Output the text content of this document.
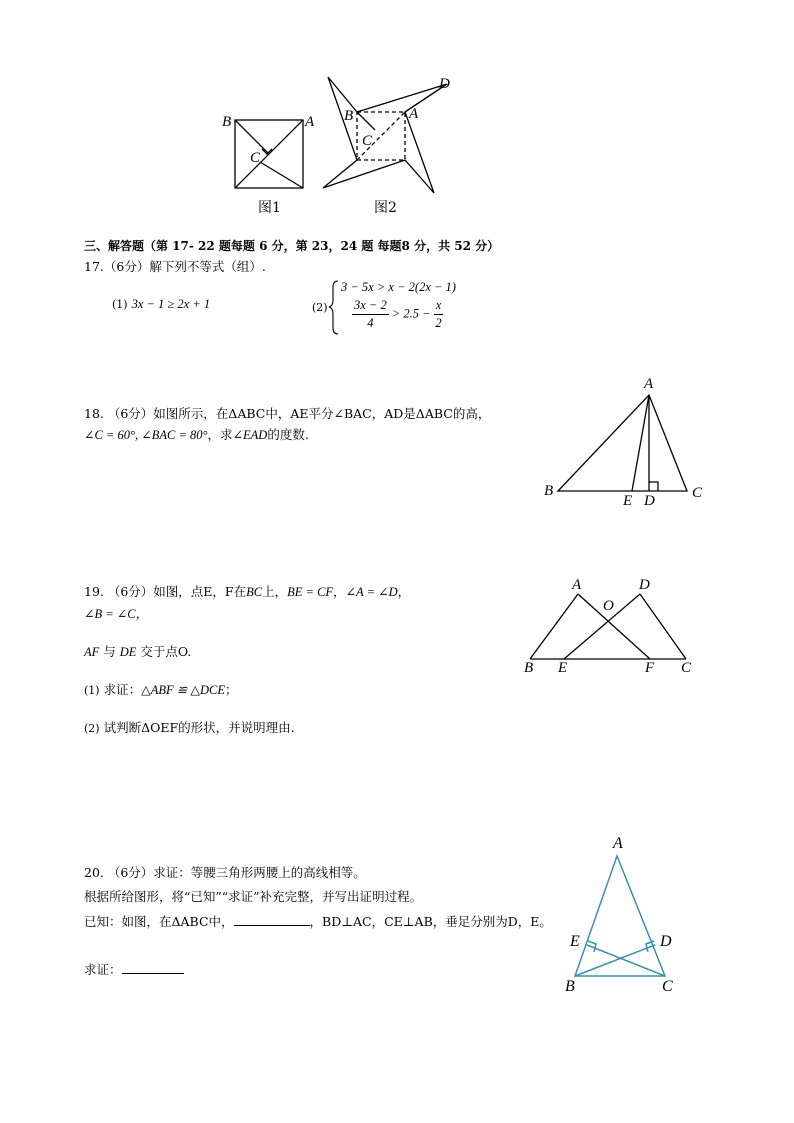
B	A
C
图1
B	A
C
D
图2
三、解答题（第 17- 22 题每题 6 分，第 23，24 题 每题8 分，共 52 分）
17.（6分）解下列不等式（组）.
(1) 3x − 1 ≥ 2x + 1	(2)
3 − 5x > x − 2(2x − 1)
$\frac{3x - 2}{4} > 2.5 - \frac{x}{2}$
18. （6分）如图所示，在ΔABC中，AE平分∠BAC，AD是ΔABC的高，
∠C = 60°, ∠BAC = 80°，求∠EAD的度数.
A
B	C
D
E
19. （6分）如图，点E，F在BC上，BE = CF，∠A = ∠D，
∠B = ∠C，
AF 与 DE 交于点O.
(1) 求证：△ABF ≌ △DCE；
(2) 试判断ΔOEF的形状，并说明理由.
A	D
O
B E	F C
20. （6分）求证：等腰三角形两腰上的高线相等。
根据所给图形，将“已知”“求证”补充完整，并写出证明过程。
已知：如图，在ΔABC中，	，BD⊥AC，CE⊥AB，垂足分别为D，E。
求证：
A
E	D
B	C
